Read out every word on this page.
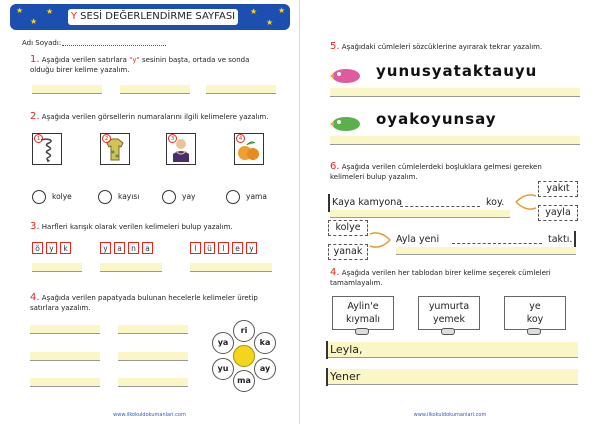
★
★
★	★
★
★
Y SESİ DEĞERLENDİRME SAYFASI
Adı Soyadı:
1. Aşağıda verilen satırlara "y" sesinin başta, ortada ve sonda
olduğu birer kelime yazalım.
2. Aşağıda verilen görsellerin numaralarını ilgili kelimelere yazalım.
1	2	3	4
kolye	kayısı	yay	yama
3. Harfleri karışık olarak verilen kelimeleri bulup yazalım.
ö	y	k	y	a	n	a	l	ü	l	e	y
4. Aşağıda verilen papatyada bulunan hecelerle kelimeler üretip
satırlara yazalım.
ri
ka
ay
ma
yu
ya
www.ilkokuldokumanlari.com
5. Aşağıdaki cümleleri sözcüklerine ayırarak tekrar yazalım.
yunusyataktauyu
oyakoyunsay
6. Aşağıda verilen cümlelerdeki boşluklara gelmesi gereken
kelimeleri bulup yazalım.
Kaya kamyona	koy.
yakıt
yayla
kolye
yanak
Ayla yeni	taktı.
4. Aşağıda verilen her tablodan birer kelime seçerek cümleleri
tamamlayalım.
Aylin'e
kıymalı
yumurta
yemek
ye
koy
Leyla,
Yener
www.ilkokuldokumanlari.com
